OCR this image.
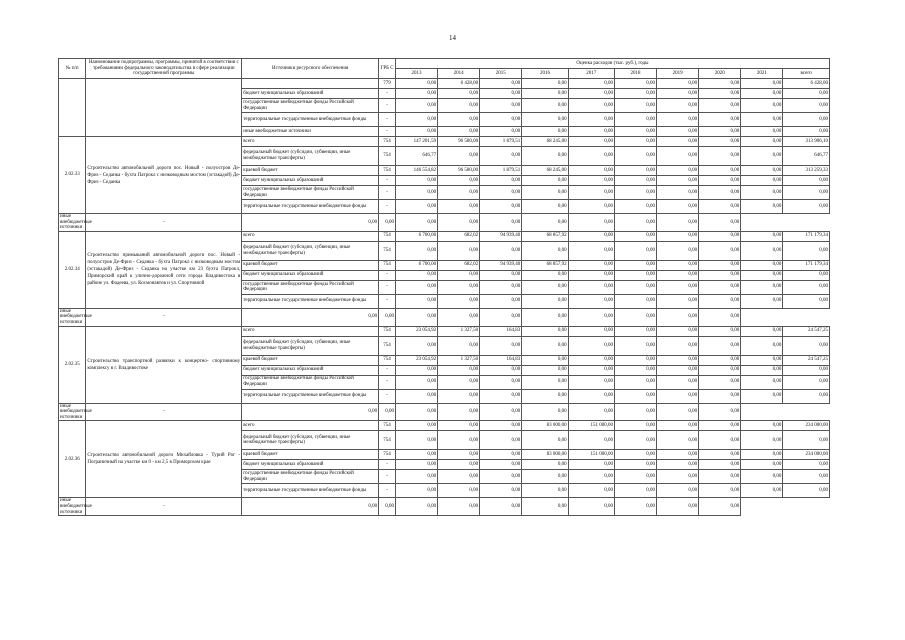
14
№ п/п	Наименование подпрограммы, программы, принятой в соответствии с требованиями федерального законодательства в сфере реализации государственной программы	Источники ресурсного обеспечения	ГРБ С	Оценка расходов (тыс. руб.), годы									
				2013	2014	2015	2016	2017	2018	2019	2020	2021	всего
			779	0,00	6 428,00	0,00	0,00	0,00	0,00	0,00	0,00	0,00	6 428,00
		бюджет муниципальных образований	-	0,00	0,00	0,00	0,00	0,00	0,00	0,00	0,00	0,00	0,00
		государственные внебюджетные фонды Российской Федерации	-	0,00	0,00	0,00	0,00	0,00	0,00	0,00	0,00	0,00	0,00
		территориальные государственные внебюджетные фонды	-	0,00	0,00	0,00	0,00	0,00	0,00	0,00	0,00	0,00	0,00
		иные внебюджетные источники	-	0,00	0,00	0,00	0,00	0,00	0,00	0,00	0,00	0,00	0,00
2.02.33	Строительство автомобильной дороги пос. Новый - полуостров Де-Фриз - Седанка - бухта Патрокл с низководным мостом (эстакадой) Де-Фриз - Седанка	всего	754	147 201,59	96 580,00	1 879,51	68 245,00	0,00	0,00	0,00	0,00	0,00	313 906,10
		федеральный бюджет (субсидии, субвенции, иные межбюджетные трансферты)	754	646,77	0,00	0,00	0,00	0,00	0,00	0,00	0,00	0,00	646,77
		краевой бюджет	754	146 554,82	96 580,00	1 879,51	68 245,00	0,00	0,00	0,00	0,00	0,00	313 259,33
		бюджет муниципальных образований	-	0,00	0,00	0,00	0,00	0,00	0,00	0,00	0,00	0,00	0,00
		государственные внебюджетные фонды Российской Федерации	-	0,00	0,00	0,00	0,00	0,00	0,00	0,00	0,00	0,00	0,00
		территориальные государственные внебюджетные фонды	-	0,00	0,00	0,00	0,00	0,00	0,00	0,00	0,00	0,00	0,00
иные внебюджетные источники	-	0,00	0,00	0,00	0,00	0,00	0,00	0,00	0,00	0,00	0,00		
2.02.34	Строительство примыканий автомобильной дороги пос. Новый - полуостров Де-Фриз - Седанка - бухта Патрокл с низководным мостом (эстакадой) Де-Фриз - Седанка на участке км 23 бухта Патрокл, Приморский край к улично-дорожной сети города Владивостока в районе ул. Фадеева, ул. Космонавтов и ул. Спортивной	всего	754	6 700,00	682,02	94 939,40	68 857,92	0,00	0,00	0,00	0,00	0,00	171 179,34
		федеральный бюджет (субсидии, субвенции, иные межбюджетные трансферты)	754	0,00	0,00	0,00	0,00	0,00	0,00	0,00	0,00	0,00	0,00
		краевой бюджет	754	6 700,00	682,02	94 939,40	68 857,92	0,00	0,00	0,00	0,00	0,00	171 179,34
		бюджет муниципальных образований	-	0,00	0,00	0,00	0,00	0,00	0,00	0,00	0,00	0,00	0,00
		государственные внебюджетные фонды Российской Федерации	-	0,00	0,00	0,00	0,00	0,00	0,00	0,00	0,00	0,00	0,00
		территориальные государственные внебюджетные фонды	-	0,00	0,00	0,00	0,00	0,00	0,00	0,00	0,00	0,00	0,00
иные внебюджетные источники	-	0,00	0,00	0,00	0,00	0,00	0,00	0,00	0,00	0,00	0,00		
2.02.35	Строительство транспортной развязки к концертно- спортивному комплексу в г. Владивостоке	всего	754	23 054,92	1 327,50	164,83	0,00	0,00	0,00	0,00	0,00	0,00	24 547,25
		федеральный бюджет (субсидии, субвенции, иные межбюджетные трансферты)	754	0,00	0,00	0,00	0,00	0,00	0,00	0,00	0,00	0,00	0,00
		краевой бюджет	754	23 054,92	1 327,50	164,83	0,00	0,00	0,00	0,00	0,00	0,00	24 547,25
		бюджет муниципальных образований	-	0,00	0,00	0,00	0,00	0,00	0,00	0,00	0,00	0,00	0,00
		государственные внебюджетные фонды Российской Федерации	-	0,00	0,00	0,00	0,00	0,00	0,00	0,00	0,00	0,00	0,00
		территориальные государственные внебюджетные фонды	-	0,00	0,00	0,00	0,00	0,00	0,00	0,00	0,00	0,00	0,00
иные внебюджетные источники	-	0,00	0,00	0,00	0,00	0,00	0,00	0,00	0,00	0,00	0,00		
2.02.36	Строительство автомобильной дороги Михайловка - Турий Рог - Пограничный на участке км 0 - км 2,5 в Приморском крае	всего	754	0,00	0,00	0,00	83 000,00	151 000,00	0,00	0,00	0,00	0,00	234 000,00
		федеральный бюджет (субсидии, субвенции, иные межбюджетные трансферты)	754	0,00	0,00	0,00	0,00	0,00	0,00	0,00	0,00	0,00	0,00
		краевой бюджет	754	0,00	0,00	0,00	83 000,00	151 000,00	0,00	0,00	0,00	0,00	234 000,00
		бюджет муниципальных образований	-	0,00	0,00	0,00	0,00	0,00	0,00	0,00	0,00	0,00	0,00
		государственные внебюджетные фонды Российской Федерации	-	0,00	0,00	0,00	0,00	0,00	0,00	0,00	0,00	0,00	0,00
		территориальные государственные внебюджетные фонды	-	0,00	0,00	0,00	0,00	0,00	0,00	0,00	0,00	0,00	0,00
иные внебюджетные источники	-	0,00	0,00	0,00	0,00	0,00	0,00	0,00	0,00	0,00	0,00		
